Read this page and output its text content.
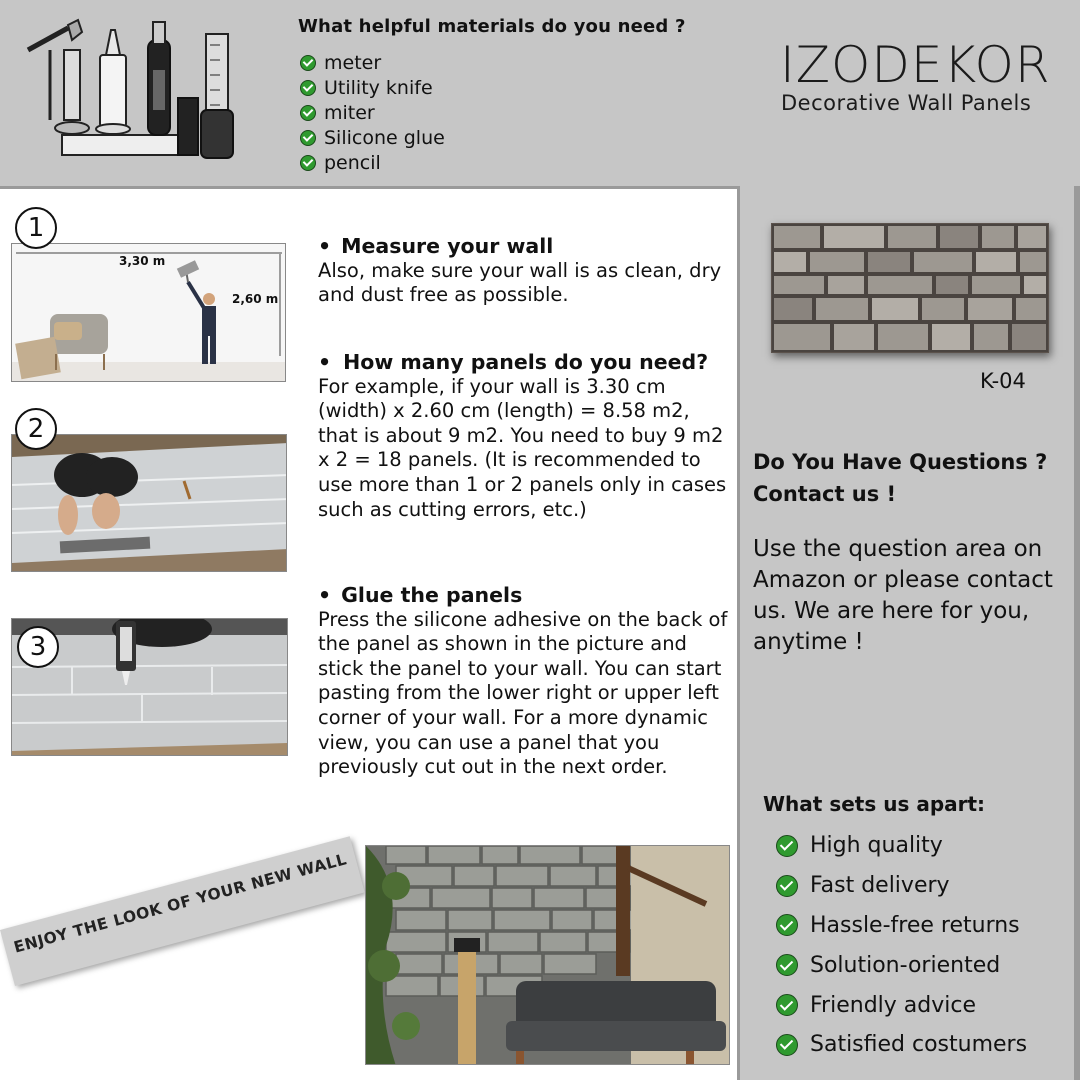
What helpful materials do you need ?
meter
Utility knife
miter
Silicone glue
pencil
IZODEKOR
Decorative Wall Panels
K-04
Do You Have Questions ?
Contact us !
Use the question area on Amazon or please contact us. We are here for you, anytime !
What sets us apart:
High quality
Fast delivery
Hassle-free returns
Solution-oriented
Friendly advice
Satisfied costumers
3,30 m
2,60 m
1
2
3
• Measure your wall
Also, make sure your wall is as clean, dry and dust free as possible.
• How many panels do you need?
For example, if your wall is 3.30 cm (width) x 2.60 cm (length) = 8.58 m2, that is about 9 m2. You need to buy 9 m2 x 2 = 18 panels. (It is recommended to use more than 1 or 2 panels only in cases such as cutting errors, etc.)
• Glue the panels
Press the silicone adhesive on the back of the panel as shown in the picture and stick the panel to your wall. You can start pasting from the lower right or upper left corner of your wall. For a more dynamic view, you can use a panel that you previously cut out in the next order.
ENJOY THE LOOK OF YOUR NEW WALL
